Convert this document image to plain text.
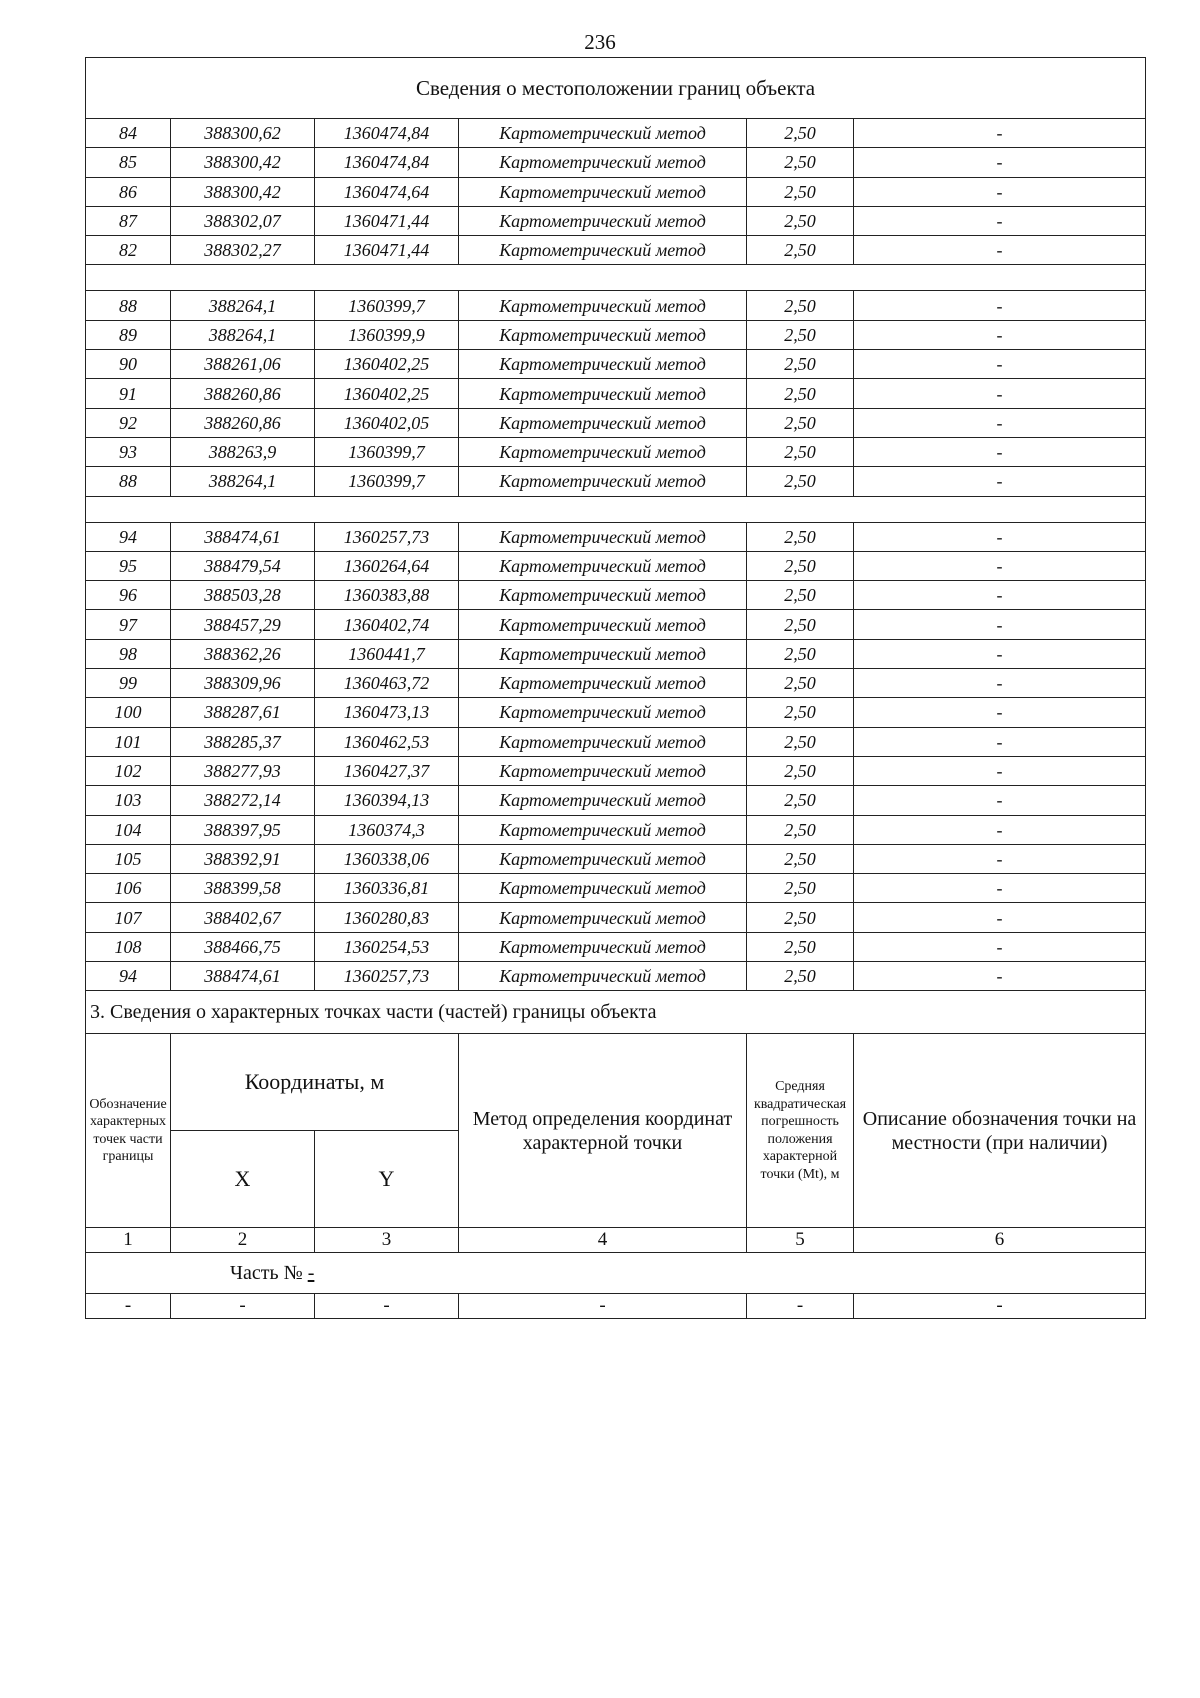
236
Сведения о местоположении границ объекта					
84	388300,62	1360474,84	Картометрический метод	2,50	-
85	388300,42	1360474,84	Картометрический метод	2,50	-
86	388300,42	1360474,64	Картометрический метод	2,50	-
87	388302,07	1360471,44	Картометрический метод	2,50	-
82	388302,27	1360471,44	Картометрический метод	2,50	-

88	388264,1	1360399,7	Картометрический метод	2,50	-
89	388264,1	1360399,9	Картометрический метод	2,50	-
90	388261,06	1360402,25	Картометрический метод	2,50	-
91	388260,86	1360402,25	Картометрический метод	2,50	-
92	388260,86	1360402,05	Картометрический метод	2,50	-
93	388263,9	1360399,7	Картометрический метод	2,50	-
88	388264,1	1360399,7	Картометрический метод	2,50	-

94	388474,61	1360257,73	Картометрический метод	2,50	-
95	388479,54	1360264,64	Картометрический метод	2,50	-
96	388503,28	1360383,88	Картометрический метод	2,50	-
97	388457,29	1360402,74	Картометрический метод	2,50	-
98	388362,26	1360441,7	Картометрический метод	2,50	-
99	388309,96	1360463,72	Картометрический метод	2,50	-
100	388287,61	1360473,13	Картометрический метод	2,50	-
101	388285,37	1360462,53	Картометрический метод	2,50	-
102	388277,93	1360427,37	Картометрический метод	2,50	-
103	388272,14	1360394,13	Картометрический метод	2,50	-
104	388397,95	1360374,3	Картометрический метод	2,50	-
105	388392,91	1360338,06	Картометрический метод	2,50	-
106	388399,58	1360336,81	Картометрический метод	2,50	-
107	388402,67	1360280,83	Картометрический метод	2,50	-
108	388466,75	1360254,53	Картометрический метод	2,50	-
94	388474,61	1360257,73	Картометрический метод	2,50	-
3. Сведения о характерных точках части (частей) границы объекта					
Обозначение характерных точек части границы	Координаты, м		Метод определения координат характерной точки	Средняя квадратическая погрешность положения характерной точки (Mt), м	Описание обозначения точки на местности (при наличии)
	X	Y			
1	2	3	4	5	6
Часть № -					
-	-	-	-	-	-
